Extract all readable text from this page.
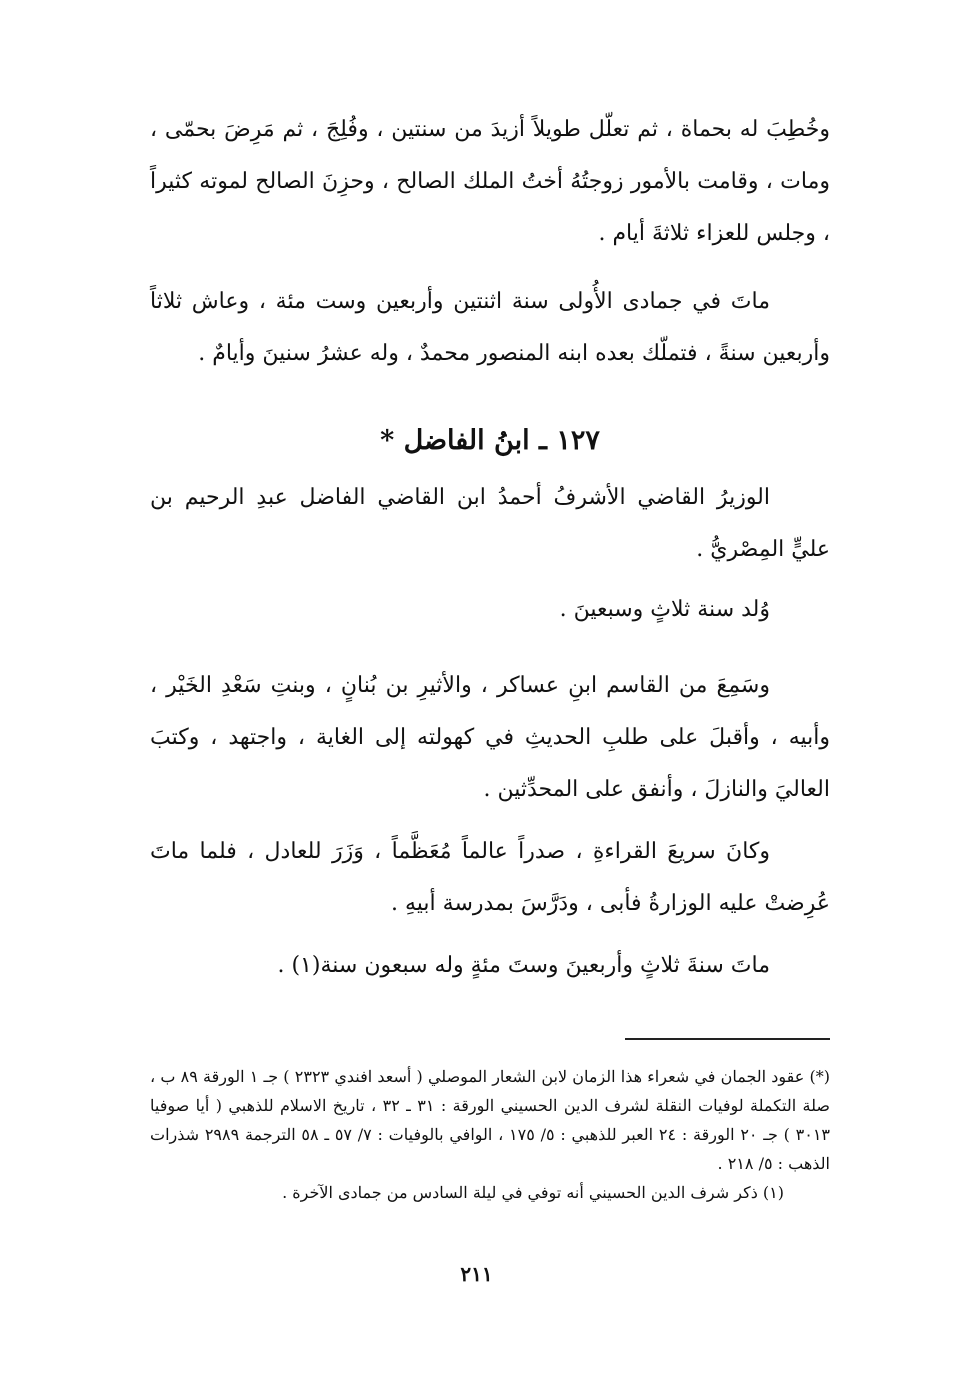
وخُطِبَ له بحماة ، ثم تعلّل طويلاً أزيدَ من سنتين ، وفُلِجَ ، ثم مَرِضَ بحمّى ، ومات ، وقامت بالأمور زوجتُهُ أختُ الملك الصالح ، وحزِنَ الصالح لموته كثيراً ، وجلس للعزاء ثلاثةَ أيام .

ماتَ في جمادى الأُولى سنة اثنتين وأربعين وست مئة ، وعاش ثلاثاً وأربعين سنةً ، فتملّك بعده ابنه المنصور محمدٌ ، وله عشرُ سنينَ وأيامٌ .

١٢٧ ـ ابنُ الفاضل *

الوزيرُ القاضي الأشرفُ أحمدُ ابن القاضي الفاضل عبدِ الرحيم بن عليٍّ المِصْريُّ .

وُلد سنة ثلاثٍ وسبعينَ .

وسَمِعَ من القاسم ابنِ عساكر ، والأثيرِ بن بُنانٍ ، وبنتِ سَعْدِ الخَيْر ، وأبيه ، وأقبلَ على طلبِ الحديثِ في كهولته إلى الغاية ، واجتهد ، وكتبَ العاليَ والنازلَ ، وأنفق على المحدِّثين .

وكانَ سريعَ القراءةِ ، صدراً عالماً مُعَظَّماً ، وَزَرَ للعادل ، فلما ماتَ عُرِضتْ عليه الوزارةُ فأبى ، ودَرَّسَ بمدرسة أبيهِ .

ماتَ سنةَ ثلاثٍ وأربعينَ وستَ مئةٍ وله سبعون سنة(١) .

(*) عقود الجمان في شعراء هذا الزمان لابن الشعار الموصلي ( أسعد افندي ٢٣٢٣ ) جـ ١ الورقة ٨٩ ب ، صلة التكملة لوفيات النقلة لشرف الدين الحسيني الورقة : ٣١ ـ ٣٢ ، تاريخ الاسلام للذهبي ( أيا صوفيا ٣٠١٣ ) جـ ٢٠ الورقة : ٢٤ العبر للذهبي : ٥/ ١٧٥ ، الوافي بالوفيات : ٧/ ٥٧ ـ ٥٨ الترجمة ٢٩٨٩ شذرات الذهب : ٥/ ٢١٨ .

(١) ذكر شرف الدين الحسيني أنه توفي في ليلة السادس من جمادى الآخرة .

٢١١
